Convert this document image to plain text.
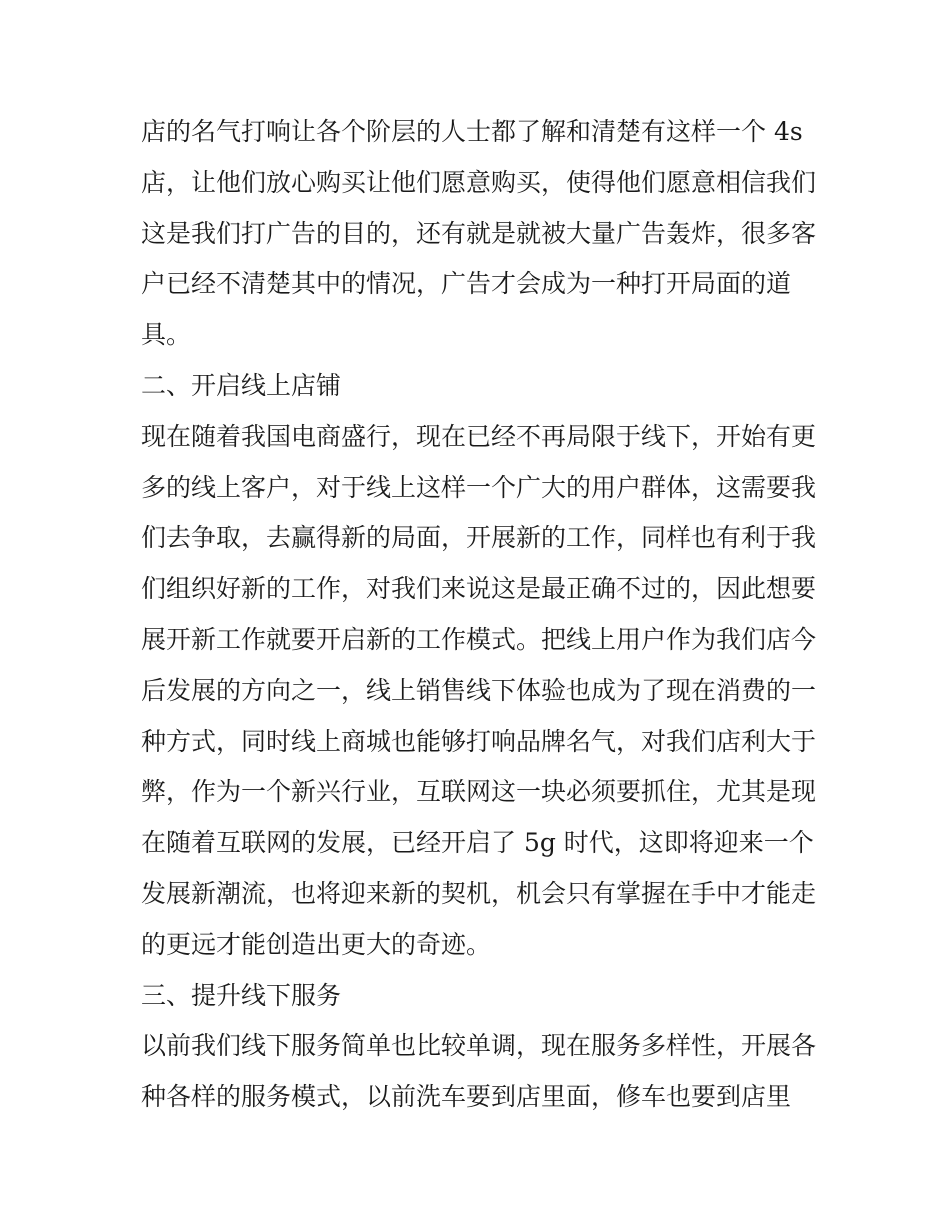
店的名气打响让各个阶层的人士都了解和清楚有这样一个 4s
店，让他们放心购买让他们愿意购买，使得他们愿意相信我们
这是我们打广告的目的，还有就是就被大量广告轰炸，很多客
户已经不清楚其中的情况，广告才会成为一种打开局面的道
具。
二、开启线上店铺
现在随着我国电商盛行，现在已经不再局限于线下，开始有更
多的线上客户，对于线上这样一个广大的用户群体，这需要我
们去争取，去赢得新的局面，开展新的工作，同样也有利于我
们组织好新的工作，对我们来说这是最正确不过的，因此想要
展开新工作就要开启新的工作模式。把线上用户作为我们店今
后发展的方向之一，线上销售线下体验也成为了现在消费的一
种方式，同时线上商城也能够打响品牌名气，对我们店利大于
弊，作为一个新兴行业，互联网这一块必须要抓住，尤其是现
在随着互联网的发展，已经开启了 5g 时代，这即将迎来一个
发展新潮流，也将迎来新的契机，机会只有掌握在手中才能走
的更远才能创造出更大的奇迹。
三、提升线下服务
以前我们线下服务简单也比较单调，现在服务多样性，开展各
种各样的服务模式，以前洗车要到店里面，修车也要到店里
